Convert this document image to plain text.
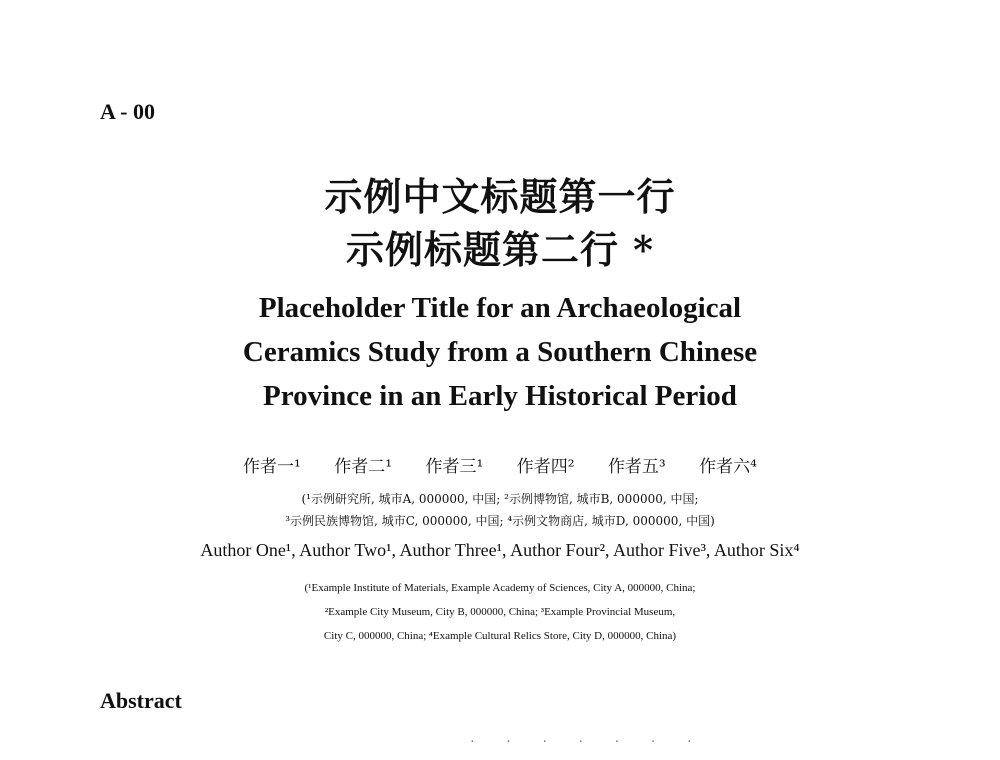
A - 00
示例中文标题第一行
示例标题第二行 *
Placeholder Title for an Archaeological
Ceramics Study from a Southern Chinese
Province in an Early Historical Period
作者一¹ 作者二¹ 作者三¹ 作者四² 作者五³ 作者六⁴
(¹示例研究所, 城市A, 000000, 中国; ²示例博物馆, 城市B, 000000, 中国;
³示例民族博物馆, 城市C, 000000, 中国; ⁴示例文物商店, 城市D, 000000, 中国)
Author One¹, Author Two¹, Author Three¹, Author Four², Author Five³, Author Six⁴
(¹Example Institute of Materials, Example Academy of Sciences, City A, 000000, China;
²Example City Museum, City B, 000000, China; ³Example Provincial Museum,
City C, 000000, China; ⁴Example Cultural Relics Store, City D, 000000, China)
Abstract
· · · · · · ·
